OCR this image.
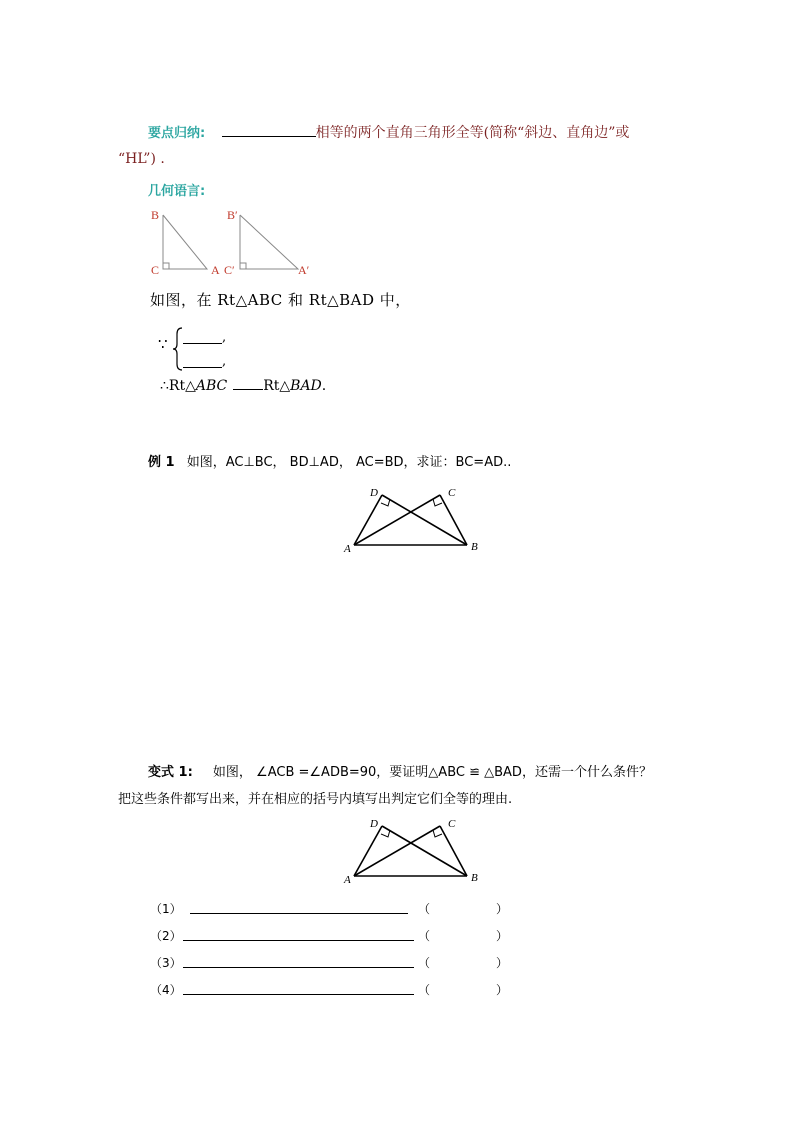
要点归纳:	相等的两个直角三角形全等(简称“斜边、直角边”或
“HL”) .
几何语言:
B
C	A
B′
C′	A′
如图，在 Rt△ABC 和 Rt△BAD 中，
∵	,
,
∴Rt△ABC	Rt△BAD.
例 1 如图，AC⊥BC， BD⊥AD， AC=BD，求证：BC=AD..
D	C
A	B
变式 1: 如图， ∠ACB =∠ADB=90，要证明△ABC ≌ △BAD，还需一个什么条件？
把这些条件都写出来，并在相应的括号内填写出判定它们全等的理由.
D	C
A	B
（1）	（	）
（2）	（	）
（3）	（	）
（4）	（	）
